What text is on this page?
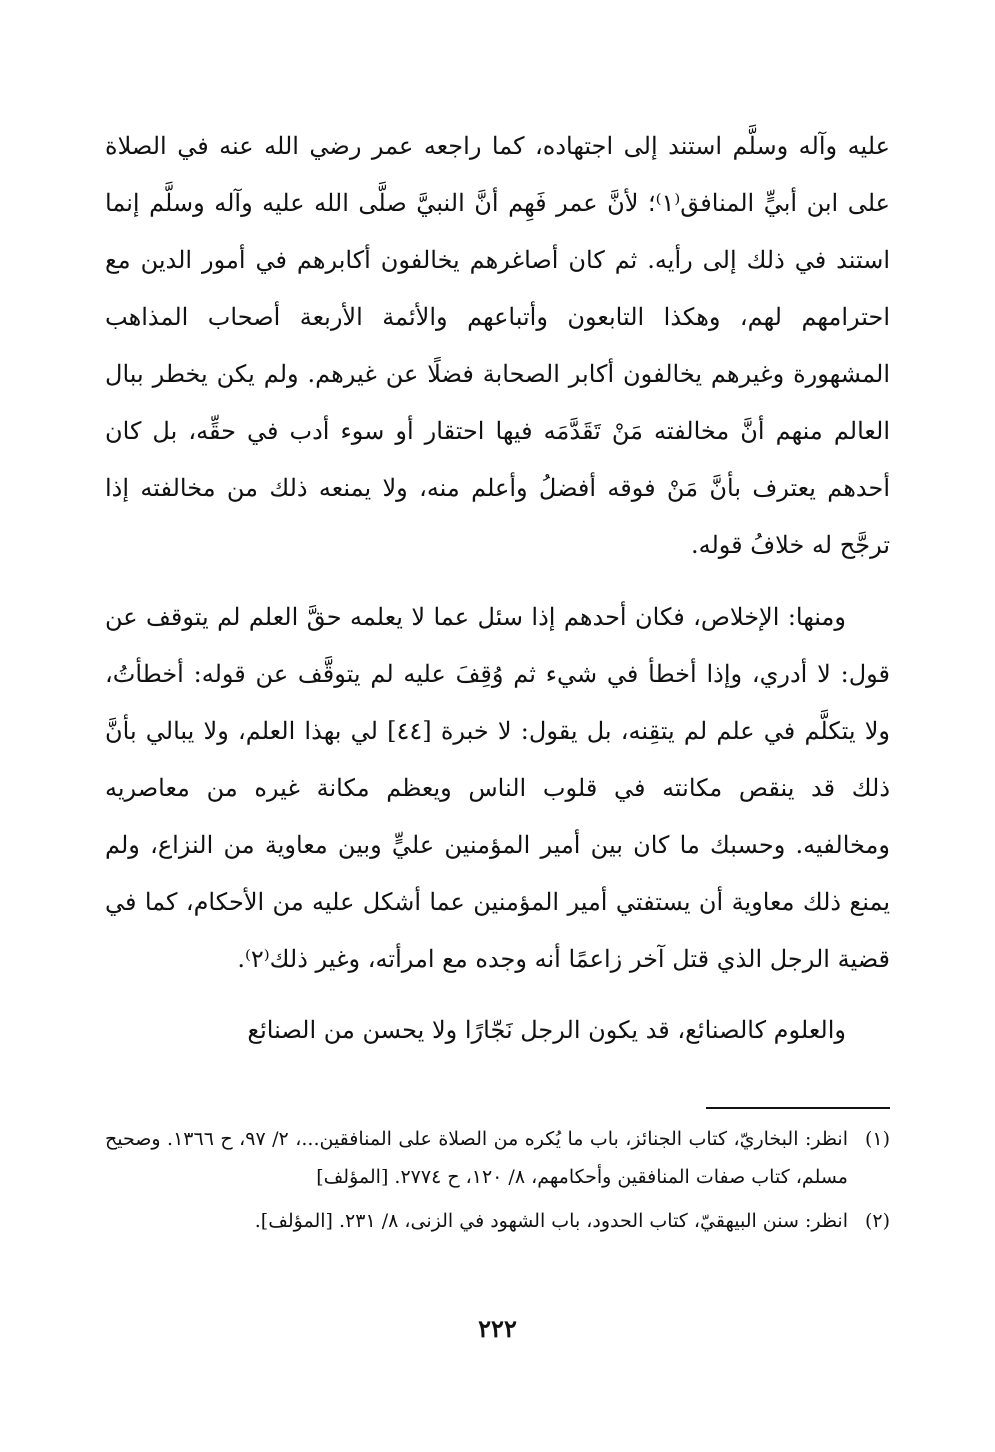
عليه وآله وسلَّم استند إلى اجتهاده، كما راجعه عمر رضي الله عنه في الصلاة على ابن أبيٍّ المنافق⁽١⁾؛ لأنَّ عمر فَهِم أنَّ النبيَّ صلَّى الله عليه وآله وسلَّم إنما استند في ذلك إلى رأيه. ثم كان أصاغرهم يخالفون أكابرهم في أمور الدين مع احترامهم لهم، وهكذا التابعون وأتباعهم والأئمة الأربعة أصحاب المذاهب المشهورة وغيرهم يخالفون أكابر الصحابة فضلًا عن غيرهم. ولم يكن يخطر ببال العالم منهم أنَّ مخالفته مَنْ تَقَدَّمَه فيها احتقار أو سوء أدب في حقِّه، بل كان أحدهم يعترف بأنَّ مَنْ فوقه أفضلُ وأعلم منه، ولا يمنعه ذلك من مخالفته إذا ترجَّح له خلافُ قوله.

ومنها: الإخلاص، فكان أحدهم إذا سئل عما لا يعلمه حقَّ العلم لم يتوقف عن قول: لا أدري، وإذا أخطأ في شيء ثم وُقِفَ عليه لم يتوقَّف عن قوله: أخطأتُ، ولا يتكلَّم في علم لم يتقِنه، بل يقول: لا خبرة [٤٤] لي بهذا العلم، ولا يبالي بأنَّ ذلك قد ينقص مكانته في قلوب الناس ويعظم مكانة غيره من معاصريه ومخالفيه. وحسبك ما كان بين أمير المؤمنين عليٍّ وبين معاوية من النزاع، ولم يمنع ذلك معاوية أن يستفتي أمير المؤمنين عما أشكل عليه من الأحكام، كما في قضية الرجل الذي قتل آخر زاعمًا أنه وجده مع امرأته، وغير ذلك⁽٢⁾.

والعلوم كالصنائع، قد يكون الرجل نَجّارًا ولا يحسن من الصنائع

(١)
انظر: البخاريّ، كتاب الجنائز، باب ما يُكره من الصلاة على المنافقين...، ٢/ ٩٧، ح ١٣٦٦. وصحيح مسلم، كتاب صفات المنافقين وأحكامهم، ٨/ ١٢٠، ح ٢٧٧٤. [المؤلف]
(٢)
انظر: سنن البيهقيّ، كتاب الحدود، باب الشهود في الزنى، ٨/ ٢٣١. [المؤلف].
٢٢٢
